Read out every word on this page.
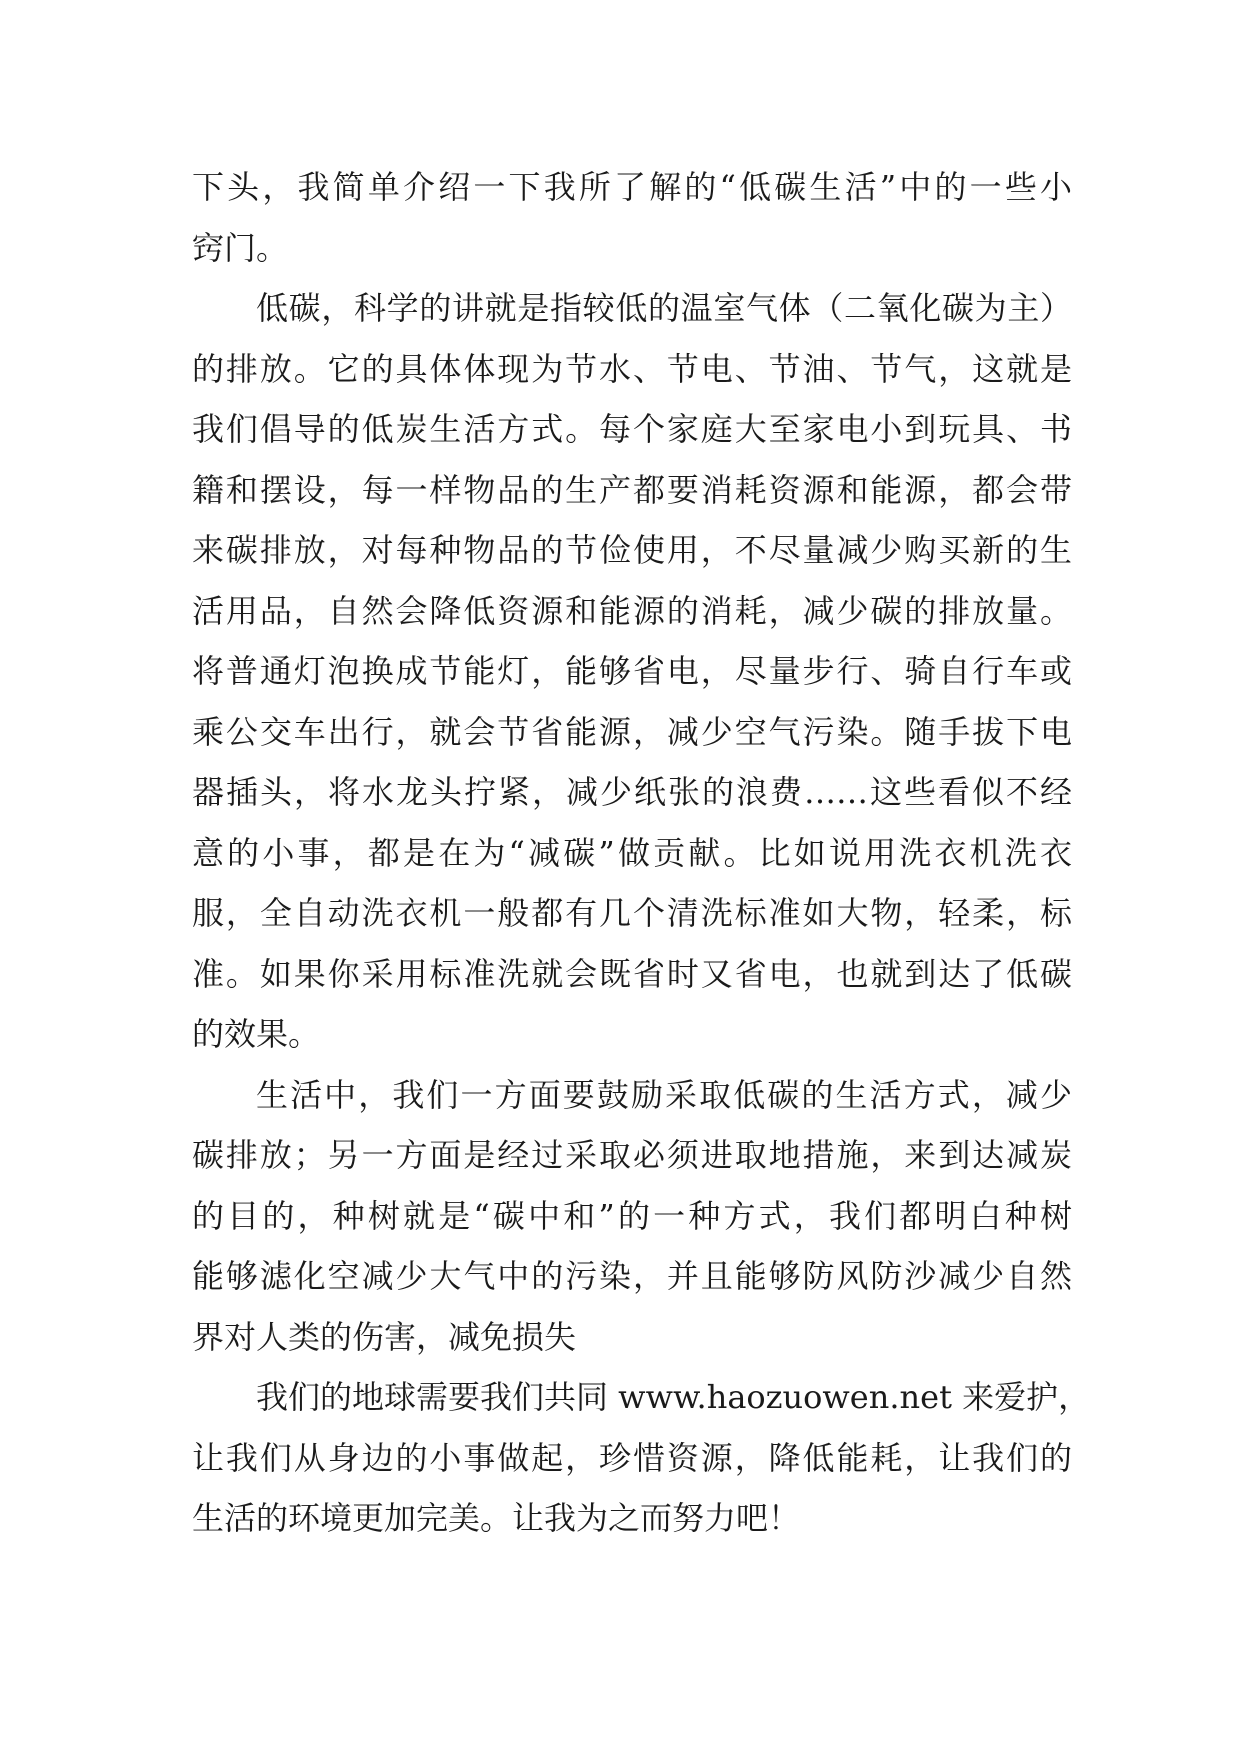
下头，我简单介绍一下我所了解的“低碳生活”中的一些小
窍门。
低碳，科学的讲就是指较低的温室气体（二氧化碳为主）
的排放。它的具体体现为节水、节电、节油、节气，这就是
我们倡导的低炭生活方式。每个家庭大至家电小到玩具、书
籍和摆设，每一样物品的生产都要消耗资源和能源，都会带
来碳排放，对每种物品的节俭使用，不尽量减少购买新的生
活用品，自然会降低资源和能源的消耗，减少碳的排放量。
将普通灯泡换成节能灯，能够省电，尽量步行、骑自行车或
乘公交车出行，就会节省能源，减少空气污染。随手拔下电
器插头，将水龙头拧紧，减少纸张的浪费……这些看似不经
意的小事，都是在为“减碳”做贡献。比如说用洗衣机洗衣
服，全自动洗衣机一般都有几个清洗标准如大物，轻柔，标
准。如果你采用标准洗就会既省时又省电，也就到达了低碳
的效果。
生活中，我们一方面要鼓励采取低碳的生活方式，减少
碳排放；另一方面是经过采取必须进取地措施，来到达减炭
的目的，种树就是“碳中和”的一种方式，我们都明白种树
能够滤化空减少大气中的污染，并且能够防风防沙减少自然
界对人类的伤害，减免损失
我们的地球需要我们共同 www.haozuowen.net 来爱护，
让我们从身边的小事做起，珍惜资源，降低能耗，让我们的
生活的环境更加完美。让我为之而努力吧！
